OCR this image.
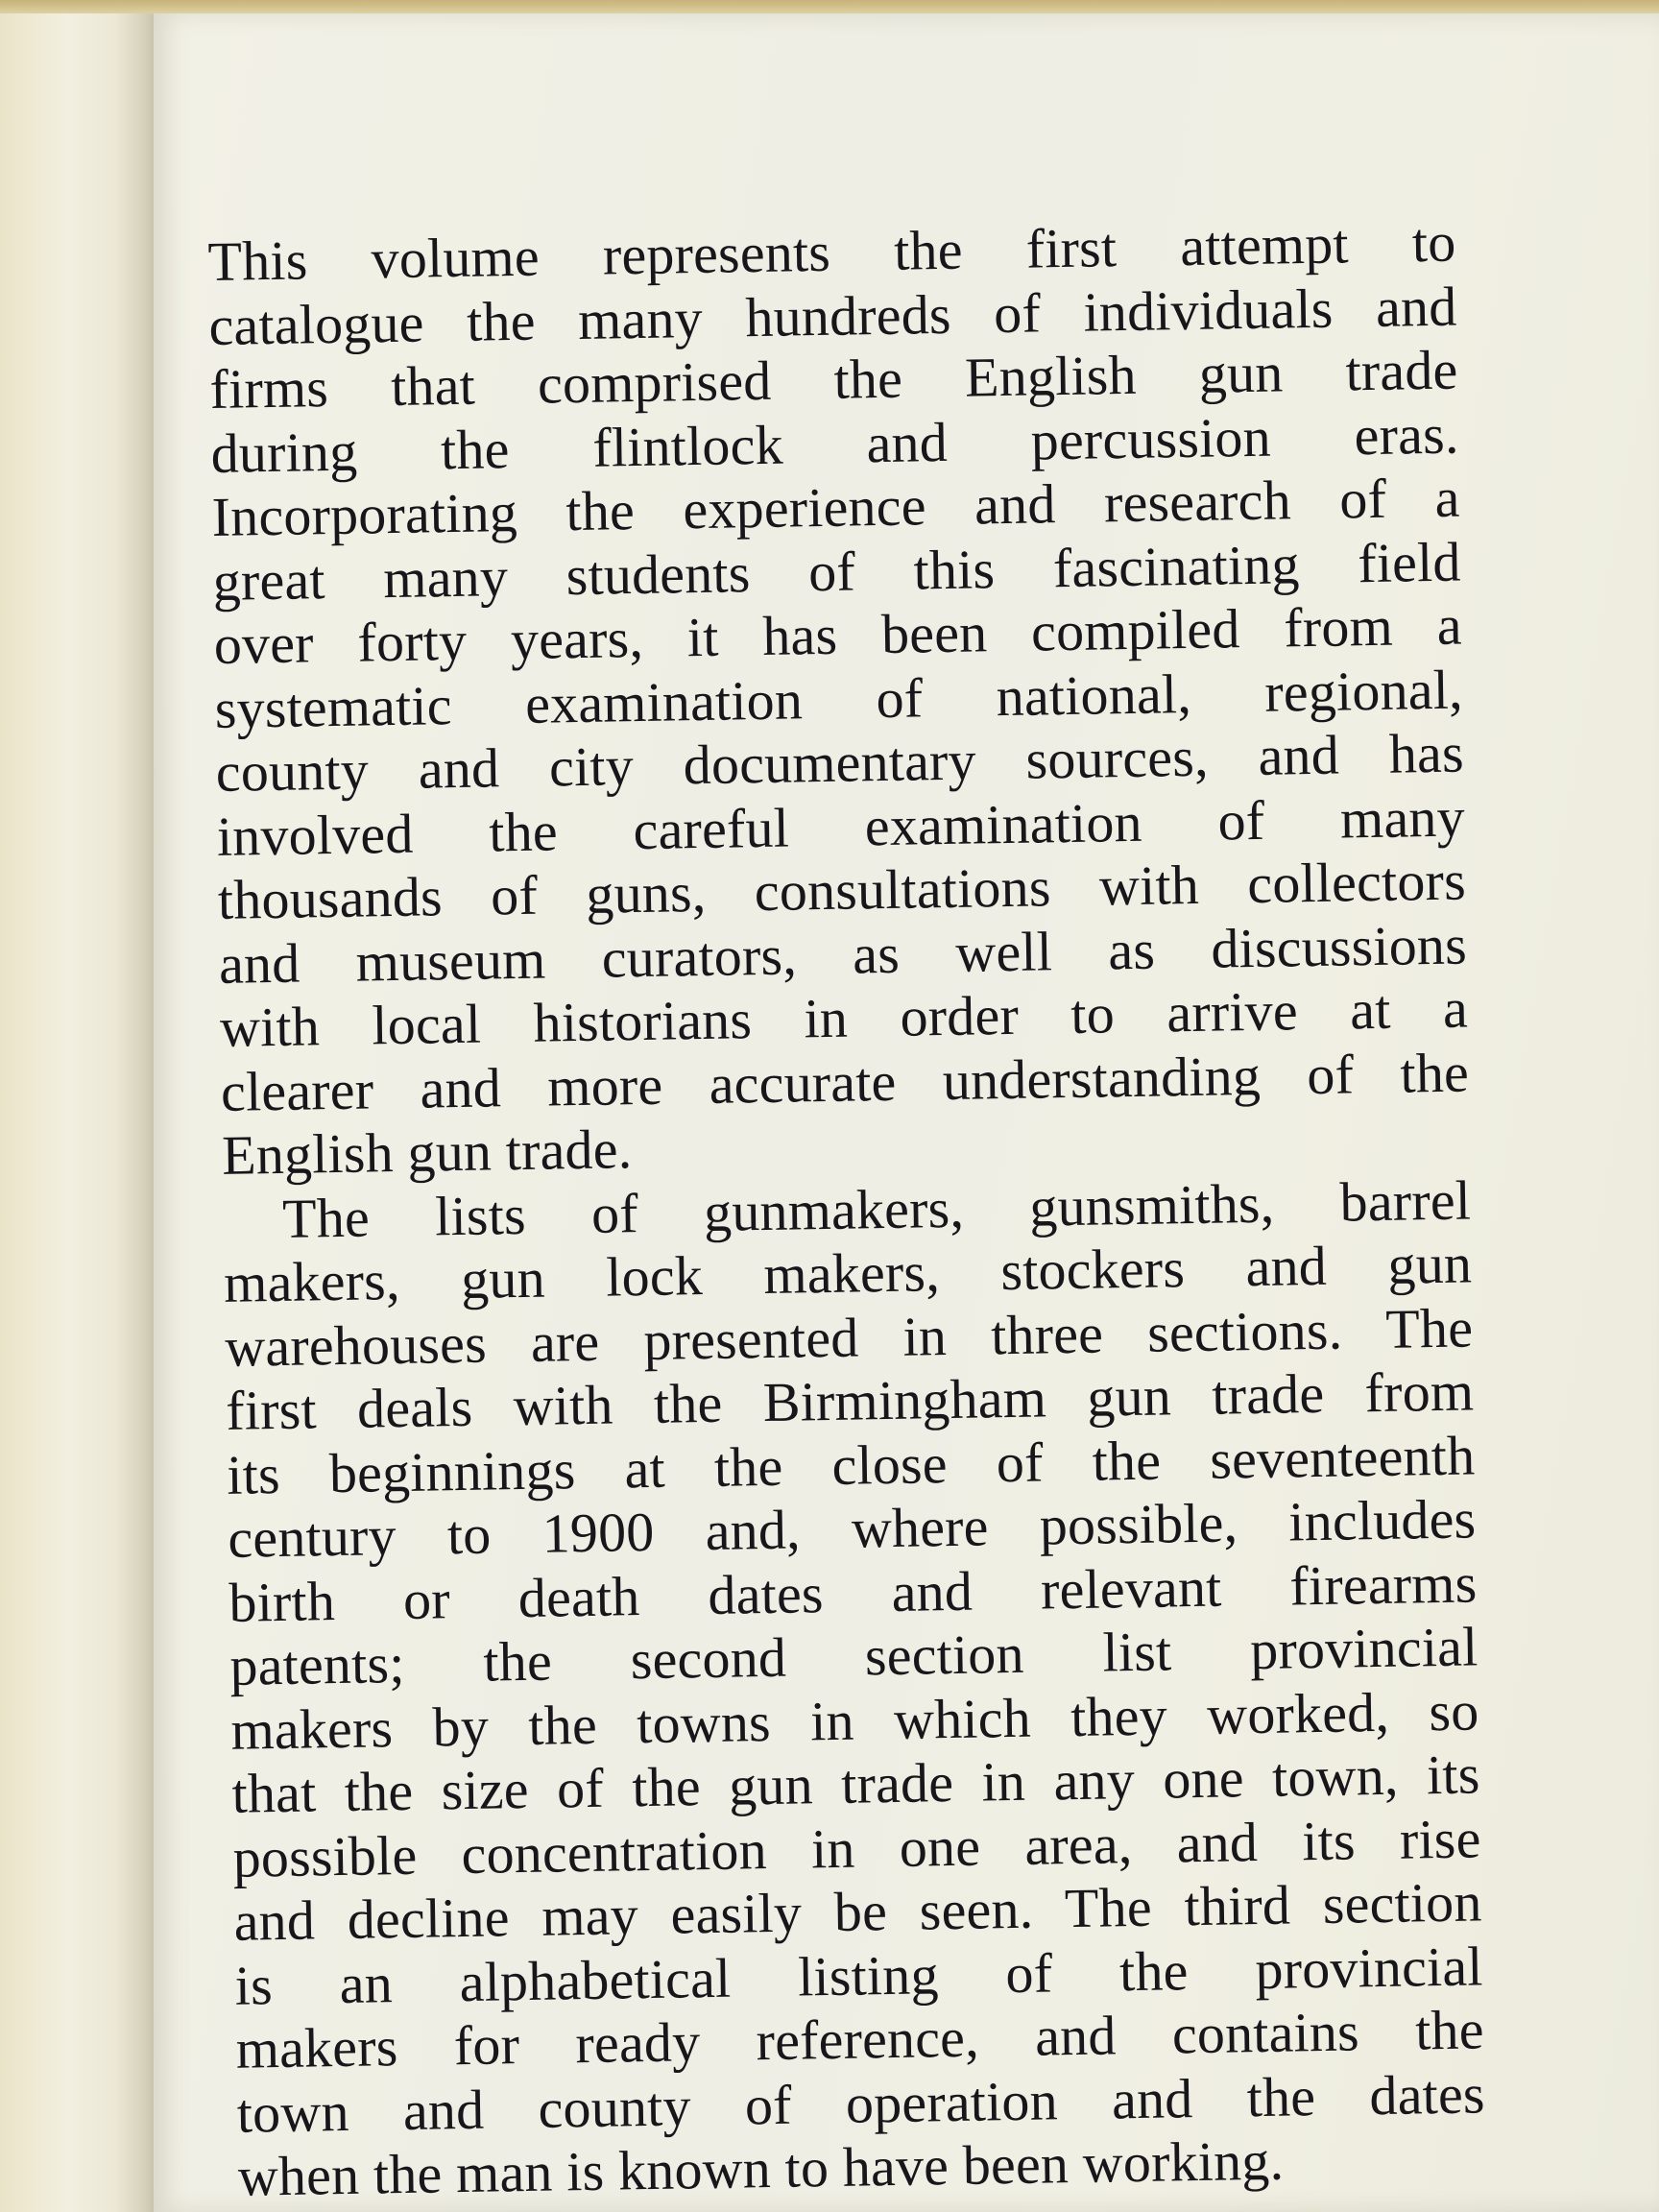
This volume represents the first attempt to
catalogue the many hundreds of individuals and
firms that comprised the English gun trade
during the flintlock and percussion eras.
Incorporating the experience and research of a
great many students of this fascinating field
over forty years, it has been compiled from a
systematic examination of national, regional,
county and city documentary sources, and has
involved the careful examination of many
thousands of guns, consultations with collectors
and museum curators, as well as discussions
with local historians in order to arrive at a
clearer and more accurate understanding of the
English gun trade.
The lists of gunmakers, gunsmiths, barrel
makers, gun lock makers, stockers and gun
warehouses are presented in three sections. The
first deals with the Birmingham gun trade from
its beginnings at the close of the seventeenth
century to 1900 and, where possible, includes
birth or death dates and relevant firearms
patents; the second section list provincial
makers by the towns in which they worked, so
that the size of the gun trade in any one town, its
possible concentration in one area, and its rise
and decline may easily be seen. The third section
is an alphabetical listing of the provincial
makers for ready reference, and contains the
town and county of operation and the dates
when the man is known to have been working.
